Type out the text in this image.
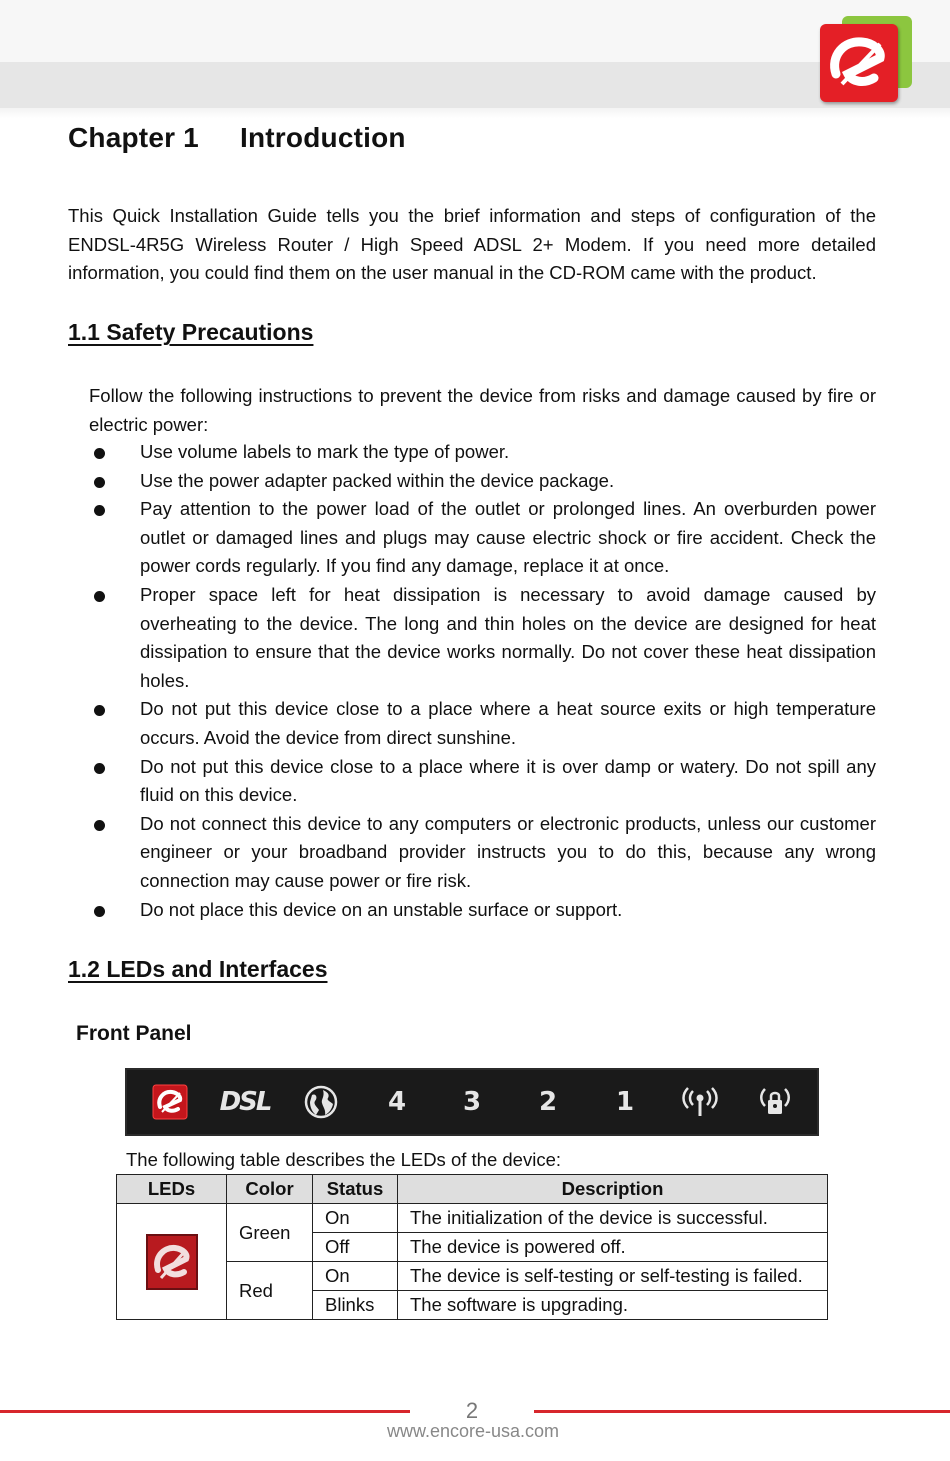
Chapter 1 Introduction

This Quick Installation Guide tells you the brief information and steps of configuration of the ENDSL-4R5G Wireless Router / High Speed ADSL 2+ Modem. If you need more detailed information, you could find them on the user manual in the CD-ROM came with the product.

1.1 Safety Precautions

Follow the following instructions to prevent the device from risks and damage caused by fire or electric power:

Use volume labels to mark the type of power.
Use the power adapter packed within the device package.
Pay attention to the power load of the outlet or prolonged lines. An overburden power outlet or damaged lines and plugs may cause electric shock or fire accident. Check the power cords regularly. If you find any damage, replace it at once.
Proper space left for heat dissipation is necessary to avoid damage caused by overheating to the device. The long and thin holes on the device are designed for heat dissipation to ensure that the device works normally. Do not cover these heat dissipation holes.
Do not put this device close to a place where a heat source exits or high temperature occurs. Avoid the device from direct sunshine.
Do not put this device close to a place where it is over damp or watery. Do not spill any fluid on this device.
Do not connect this device to any computers or electronic products, unless our customer engineer or your broadband provider instructs you to do this, because any wrong connection may cause power or fire risk.
Do not place this device on an unstable surface or support.
1.2 LEDs and Interfaces
Front Panel
DSL	4 3 2 1

The following table describes the LEDs of the device:

LEDs	Color	Status	Description
	Green	On	The initialization of the device is successful.
		Off	The device is powered off.
	Red	On	The device is self-testing or self-testing is failed.
		Blinks	The software is upgrading.

2

www.encore-usa.com
